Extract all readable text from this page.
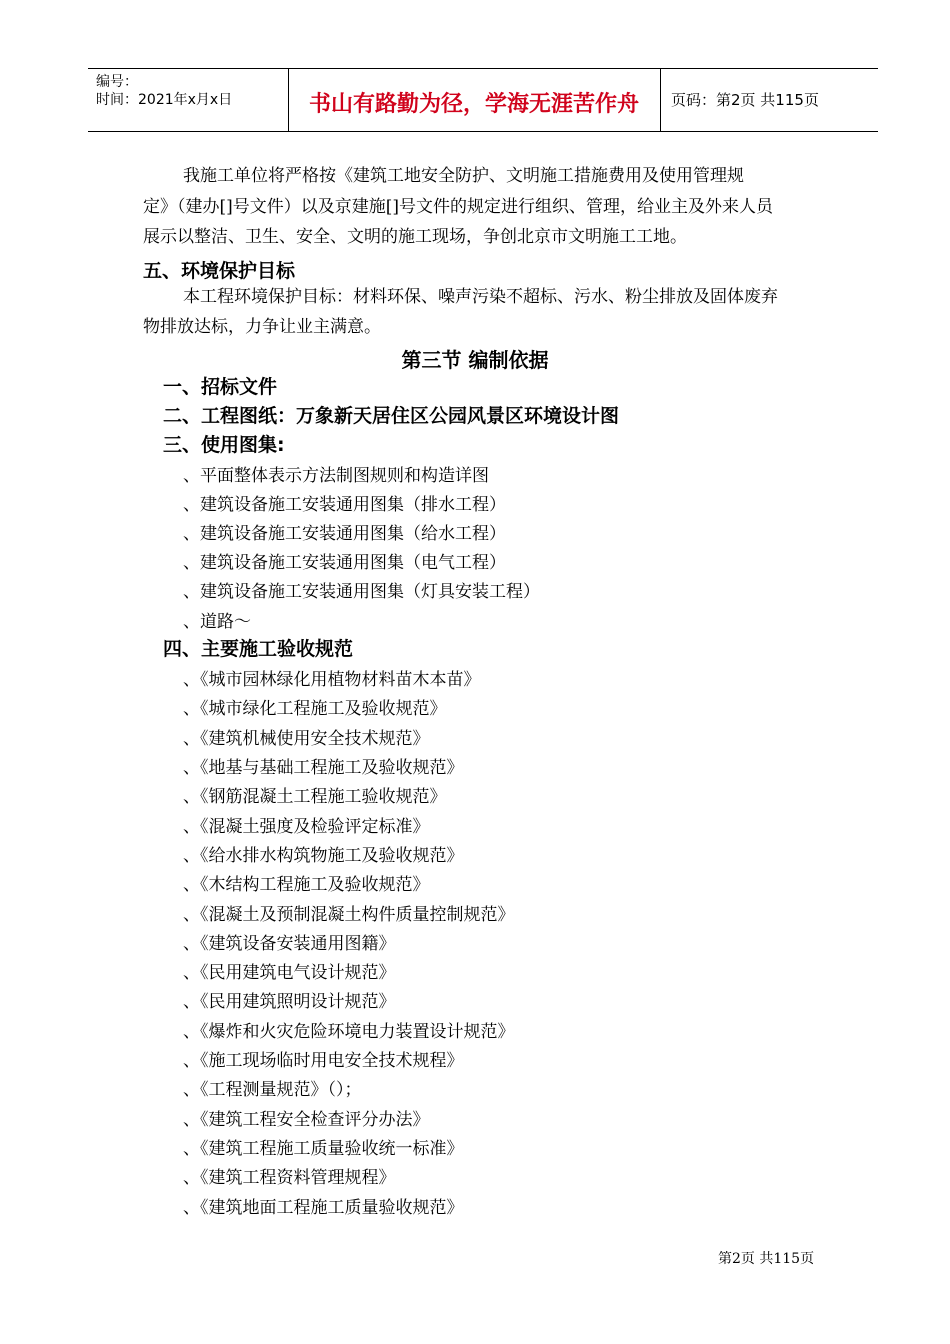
编号：
时间：2021年x月x日	书山有路勤为径，学海无涯苦作舟	页码：第2页 共115页
我施工单位将严格按《建筑工地安全防护、文明施工措施费用及使用管理规
定》（建办[]号文件）以及京建施[]号文件的规定进行组织、管理，给业主及外来人员
展示以整洁、卫生、安全、文明的施工现场，争创北京市文明施工工地。
五、环境保护目标
本工程环境保护目标：材料环保、噪声污染不超标、污水、粉尘排放及固体废弃
物排放达标，力争让业主满意。
第三节 编制依据
一、招标文件
二、工程图纸：万象新天居住区公园风景区环境设计图
三、使用图集:
、平面整体表示方法制图规则和构造详图
、建筑设备施工安装通用图集（排水工程）
、建筑设备施工安装通用图集（给水工程）
、建筑设备施工安装通用图集（电气工程）
、建筑设备施工安装通用图集（灯具安装工程）
、道路～
四、主要施工验收规范
、《城市园林绿化用植物材料苗木本苗》
、《城市绿化工程施工及验收规范》
、《建筑机械使用安全技术规范》
、《地基与基础工程施工及验收规范》
、《钢筋混凝土工程施工验收规范》
、《混凝土强度及检验评定标准》
、《给水排水构筑物施工及验收规范》
、《木结构工程施工及验收规范》
、《混凝土及预制混凝土构件质量控制规范》
、《建筑设备安装通用图籍》
、《民用建筑电气设计规范》
、《民用建筑照明设计规范》
、《爆炸和火灾危险环境电力装置设计规范》
、《施工现场临时用电安全技术规程》
、《工程测量规范》（）；
、《建筑工程安全检查评分办法》
、《建筑工程施工质量验收统一标准》
、《建筑工程资料管理规程》
、《建筑地面工程施工质量验收规范》
第2页 共115页
